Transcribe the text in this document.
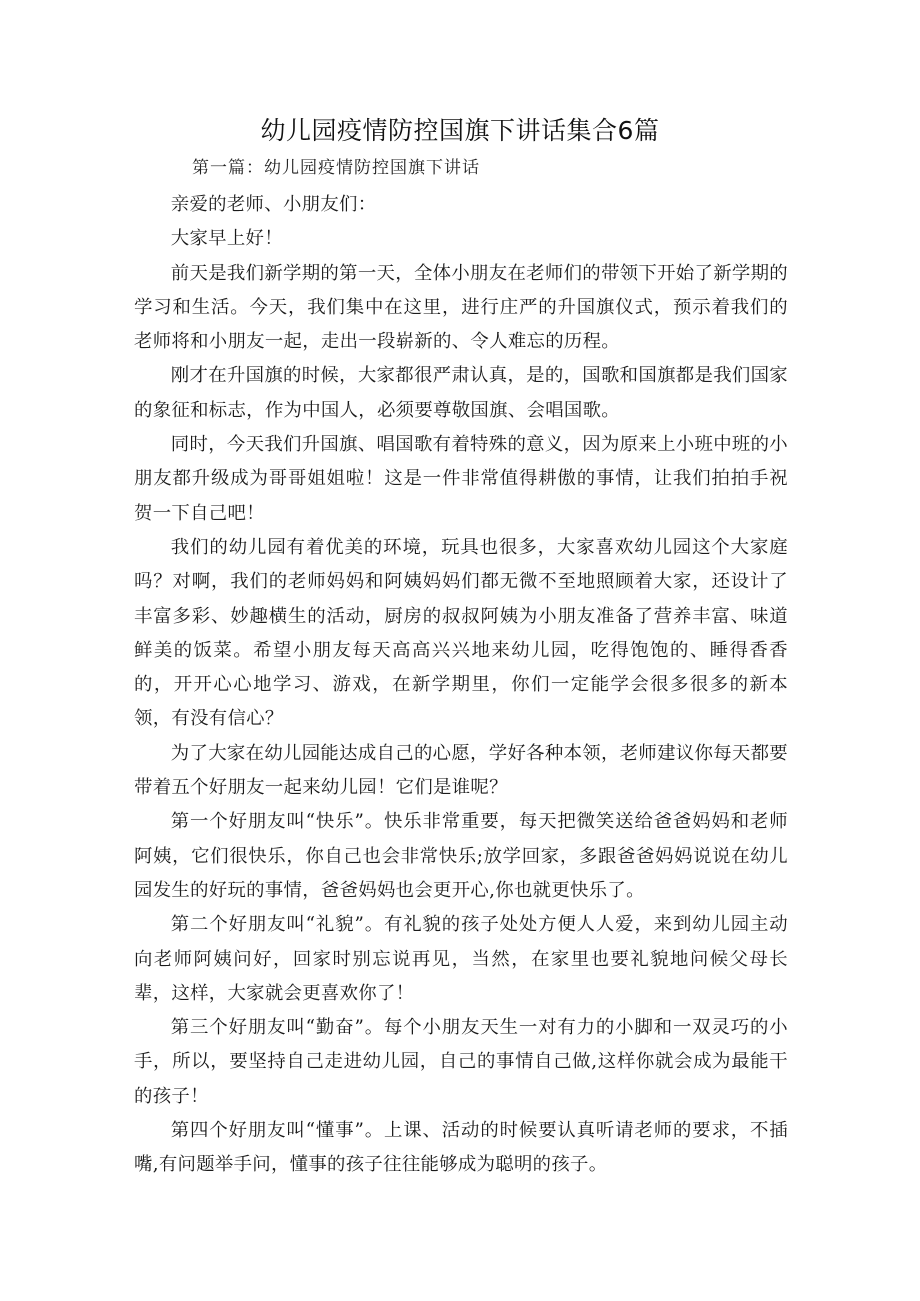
幼儿园疫情防控国旗下讲话集合6篇
第一篇：幼儿园疫情防控国旗下讲话

亲爱的老师、小朋友们：

大家早上好！

前天是我们新学期的第一天，全体小朋友在老师们的带领下开始了新学期的学习和生活。今天，我们集中在这里，进行庄严的升国旗仪式，预示着我们的老师将和小朋友一起，走出一段崭新的、令人难忘的历程。

刚才在升国旗的时候，大家都很严肃认真，是的，国歌和国旗都是我们国家的象征和标志，作为中国人，必须要尊敬国旗、会唱国歌。

同时，今天我们升国旗、唱国歌有着特殊的意义，因为原来上小班中班的小朋友都升级成为哥哥姐姐啦！这是一件非常值得耕傲的事情，让我们拍拍手祝贺一下自己吧！

我们的幼儿园有着优美的环境，玩具也很多，大家喜欢幼儿园这个大家庭吗？对啊，我们的老师妈妈和阿姨妈妈们都无微不至地照顾着大家，还设计了丰富多彩、妙趣横生的活动，厨房的叔叔阿姨为小朋友准备了营养丰富、味道鲜美的饭菜。希望小朋友每天高高兴兴地来幼儿园，吃得饱饱的、睡得香香的，开开心心地学习、游戏，在新学期里，你们一定能学会很多很多的新本领，有没有信心？

为了大家在幼儿园能达成自己的心愿，学好各种本领，老师建议你每天都要带着五个好朋友一起来幼儿园！它们是谁呢？

第一个好朋友叫“快乐”。快乐非常重要，每天把微笑送给爸爸妈妈和老师阿姨，它们很快乐，你自己也会非常快乐;放学回家，多跟爸爸妈妈说说在幼儿园发生的好玩的事情，爸爸妈妈也会更开心,你也就更快乐了。

第二个好朋友叫“礼貌”。有礼貌的孩子处处方便人人爱，来到幼儿园主动向老师阿姨问好，回家时别忘说再见，当然，在家里也要礼貌地问候父母长辈，这样，大家就会更喜欢你了！

第三个好朋友叫“勤奋”。每个小朋友天生一对有力的小脚和一双灵巧的小手，所以，要坚持自己走进幼儿园，自己的事情自己做,这样你就会成为最能干的孩子！

第四个好朋友叫“懂事”。上课、活动的时候要认真听请老师的要求，不插嘴,有问题举手问，懂事的孩子往往能够成为聪明的孩子。
